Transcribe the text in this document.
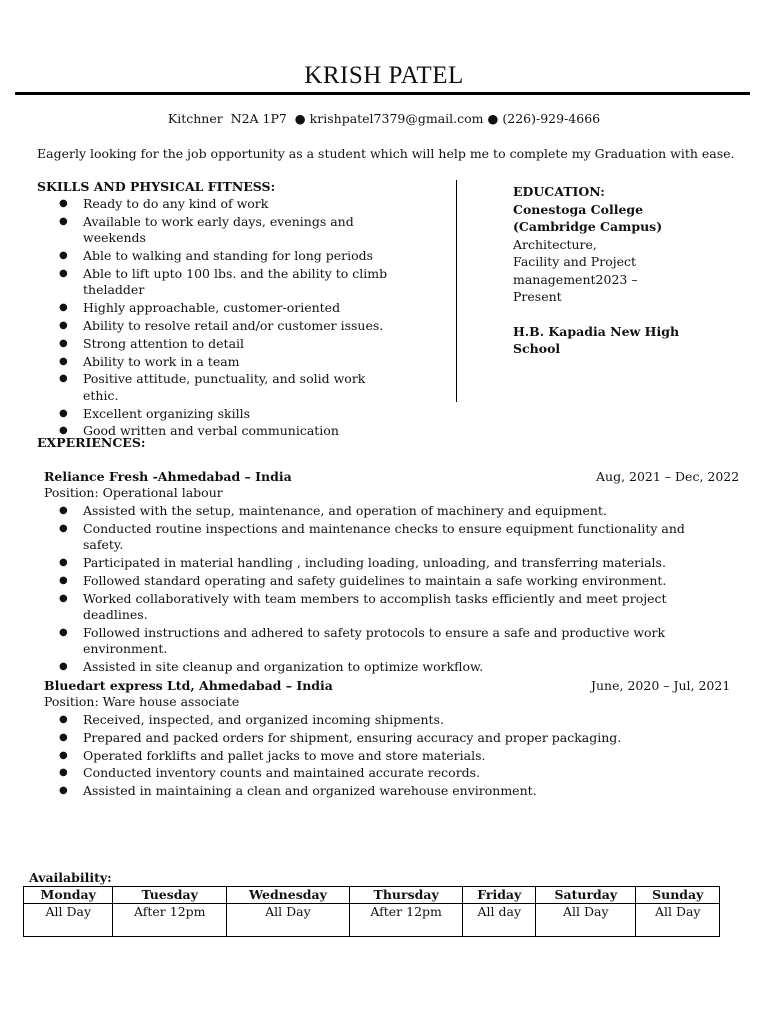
KRISH PATEL
Kitchner  N2A 1P7  ● krishpatel7379@gmail.com ● (226)-929-4666
Eagerly looking for the job opportunity as a student which will help me to complete my Graduation with ease.
SKILLS AND PHYSICAL FITNESS:
● Ready to do any kind of work
● Available to work early days, evenings and weekends
● Able to walking and standing for long periods
● Able to lift upto 100 lbs. and the ability to climb theladder
● Highly approachable, customer-oriented
● Ability to resolve retail and/or customer issues.
● Strong attention to detail
● Ability to work in a team
● Positive attitude, punctuality, and solid work ethic.
● Excellent organizing skills
● Good written and verbal communication
EDUCATION:
Conestoga College (Cambridge Campus)
Architecture,
Facility and Project management2023 –
Present
H.B. Kapadia New High School
EXPERIENCES:
Reliance Fresh -Ahmedabad – India	Aug, 2021 – Dec, 2022
Position: Operational labour
● Assisted with the setup, maintenance, and operation of machinery and equipment.
● Conducted routine inspections and maintenance checks to ensure equipment functionality and safety.
● Participated in material handling , including loading, unloading, and transferring materials.
● Followed standard operating and safety guidelines to maintain a safe working environment.
● Worked collaboratively with team members to accomplish tasks efficiently and meet project deadlines.
● Followed instructions and adhered to safety protocols to ensure a safe and productive work environment.
● Assisted in site cleanup and organization to optimize workflow.
Bluedart express Ltd, Ahmedabad – India	June, 2020 – Jul, 2021
Position: Ware house associate
● Received, inspected, and organized incoming shipments.
● Prepared and packed orders for shipment, ensuring accuracy and proper packaging.
● Operated forklifts and pallet jacks to move and store materials.
● Conducted inventory counts and maintained accurate records.
● Assisted in maintaining a clean and organized warehouse environment.
Availability:
Monday	Tuesday	Wednesday	Thursday	Friday	Saturday	Sunday
All Day	After 12pm	All Day	After 12pm	All day	All Day	All Day
